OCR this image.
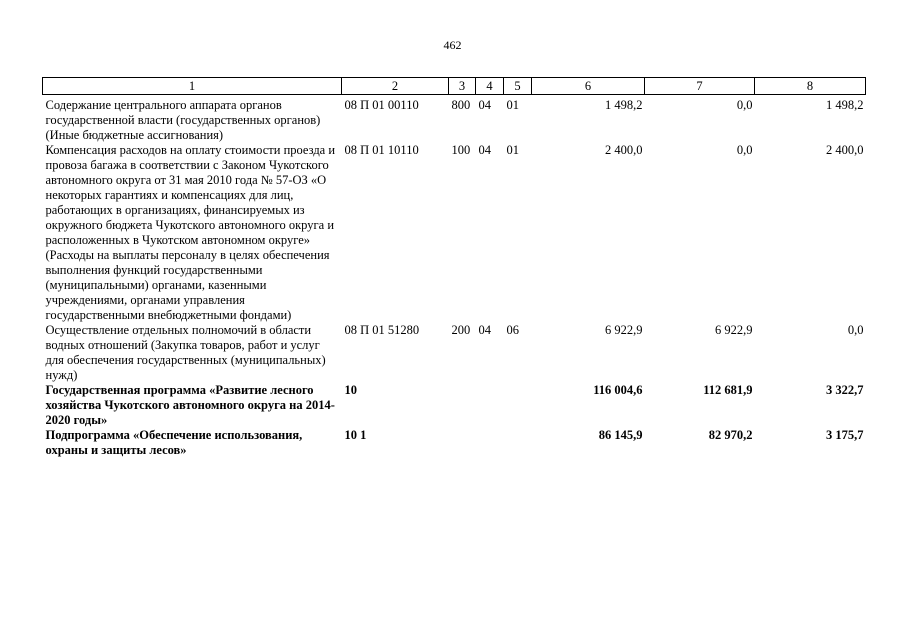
462
1	2	3	4	5	6	7	8
Содержание центрального аппарата органов государственной власти (государственных органов) (Иные бюджетные ассигнования)	08 П 01 00110	800	04	01	1 498,2	0,0	1 498,2
Компенсация расходов на оплату стоимости проезда и провоза багажа в соответствии с Законом Чукотского автономного округа от 31 мая 2010 года № 57-ОЗ «О некоторых гарантиях и компенсациях для лиц, работающих в организациях, финансируемых из окружного бюджета Чукотского автономного округа и расположенных в Чукотском автономном округе» (Расходы на выплаты персоналу в целях обеспечения выполнения функций государственными (муниципальными) органами, казенными учреждениями, органами управления государственными внебюджетными фондами)	08 П 01 10110	100	04	01	2 400,0	0,0	2 400,0
Осуществление отдельных полномочий в области водных отношений (Закупка товаров, работ и услуг для обеспечения государственных (муниципальных) нужд)	08 П 01 51280	200	04	06	6 922,9	6 922,9	0,0
Государственная программа «Развитие лесного хозяйства Чукотского автономного округа на 2014-2020 годы»	10				116 004,6	112 681,9	3 322,7
Подпрограмма «Обеспечение использования, охраны и защиты лесов»	10 1				86 145,9	82 970,2	3 175,7
